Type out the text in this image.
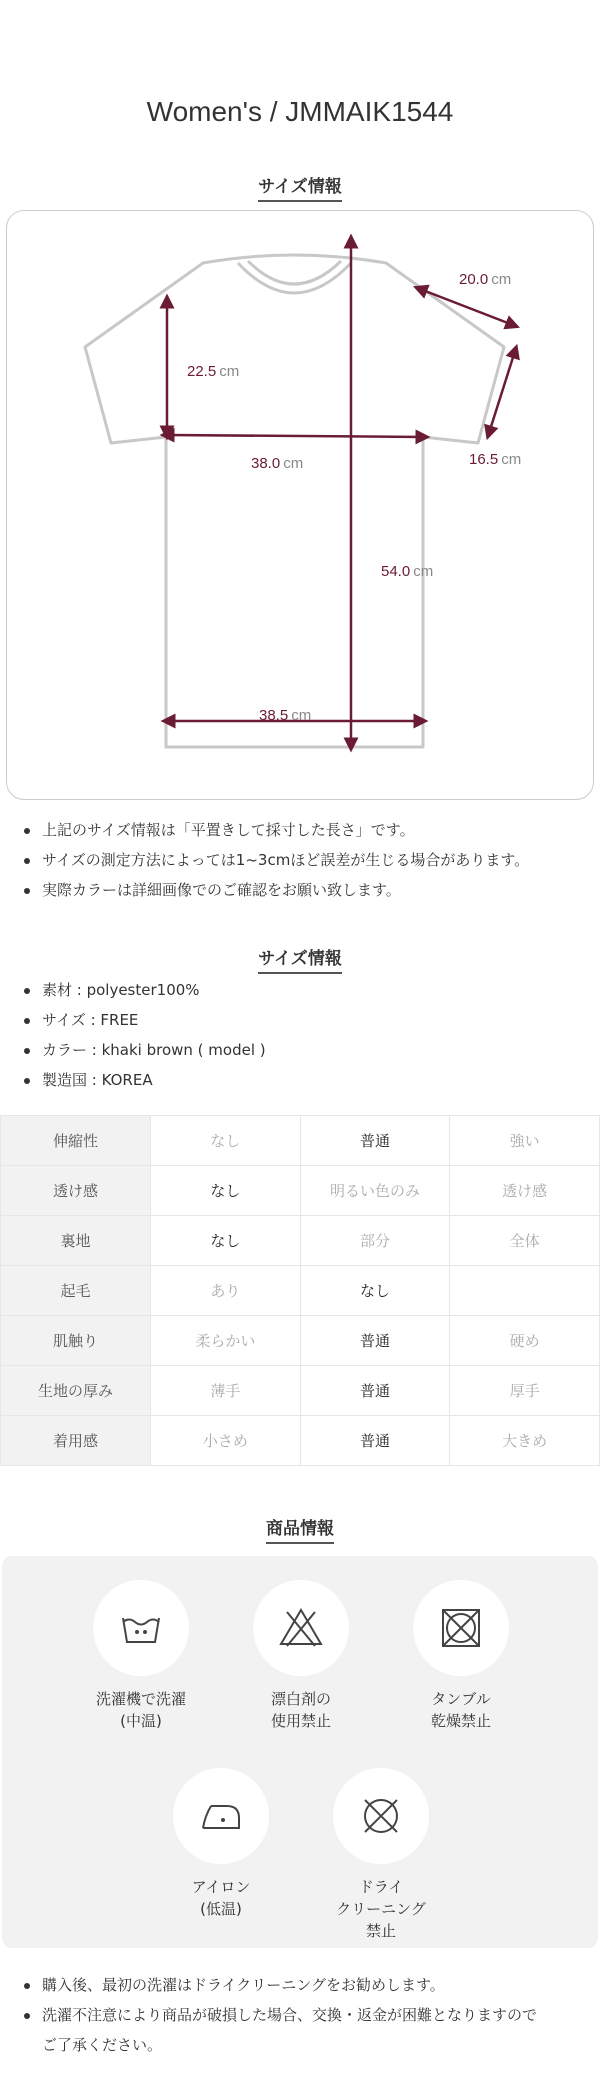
Women's / JMMAIK1544
サイズ情報
20.0 cm
22.5 cm
38.0 cm	16.5 cm
54.0 cm
38.5 cm
上記のサイズ情報は「平置きして採寸した長さ」です。
サイズの測定方法によっては1~3cmほど誤差が生じる場合があります。
実際カラーは詳細画像でのご確認をお願い致します。
サイズ情報
素材 : polyester100%
サイズ : FREE
カラー : khaki brown ( model )
製造国 : KOREA
伸縮性	なし	普通	強い
透け感	なし	明るい色のみ	透け感
裏地	なし	部分	全体
起毛	あり	なし	
肌触り	柔らかい	普通	硬め
生地の厚み	薄手	普通	厚手
着用感	小さめ	普通	大きめ
商品情報
洗濯機で洗濯
(中温)
漂白剤の
使用禁止
タンブル
乾燥禁止
アイロン
(低温)
ドライ
クリーニング
禁止
購入後、最初の洗濯はドライクリーニングをお勧めします。
洗濯不注意により商品が破損した場合、交換・返金が困難となりますので
ご了承ください。
